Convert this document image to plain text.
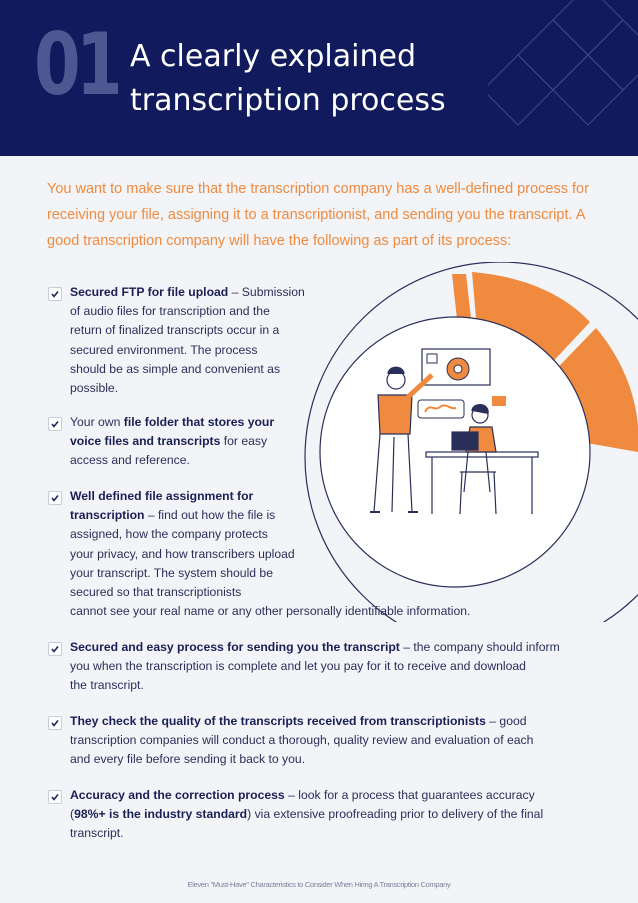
01 A clearly explained
transcription process
You want to make sure that the transcription company has a well-defined process for receiving your file, assigning it to a transcriptionist, and sending you the transcript. A good transcription company will have the following as part of its process:
Secured FTP for file upload – Submission
of audio files for transcription and the
return of finalized transcripts occur in a
secured environment. The process
should be as simple and convenient as
possible.
Your own file folder that stores your
voice files and transcripts for easy
access and reference.
Well defined file assignment for
transcription – find out how the file is
assigned, how the company protects
your privacy, and how transcribers upload
your transcript. The system should be
secured so that transcriptionists
cannot see your real name or any other personally identifiable information.
Secured and easy process for sending you the transcript – the company should inform
you when the transcription is complete and let you pay for it to receive and download
the transcript.
They check the quality of the transcripts received from transcriptionists – good
transcription companies will conduct a thorough, quality review and evaluation of each
and every file before sending it back to you.
Accuracy and the correction process – look for a process that guarantees accuracy
(98%+ is the industry standard) via extensive proofreading prior to delivery of the final
transcript.
Eleven "Must-Have" Characteristics to Consider When Hiring A Transcription Company
